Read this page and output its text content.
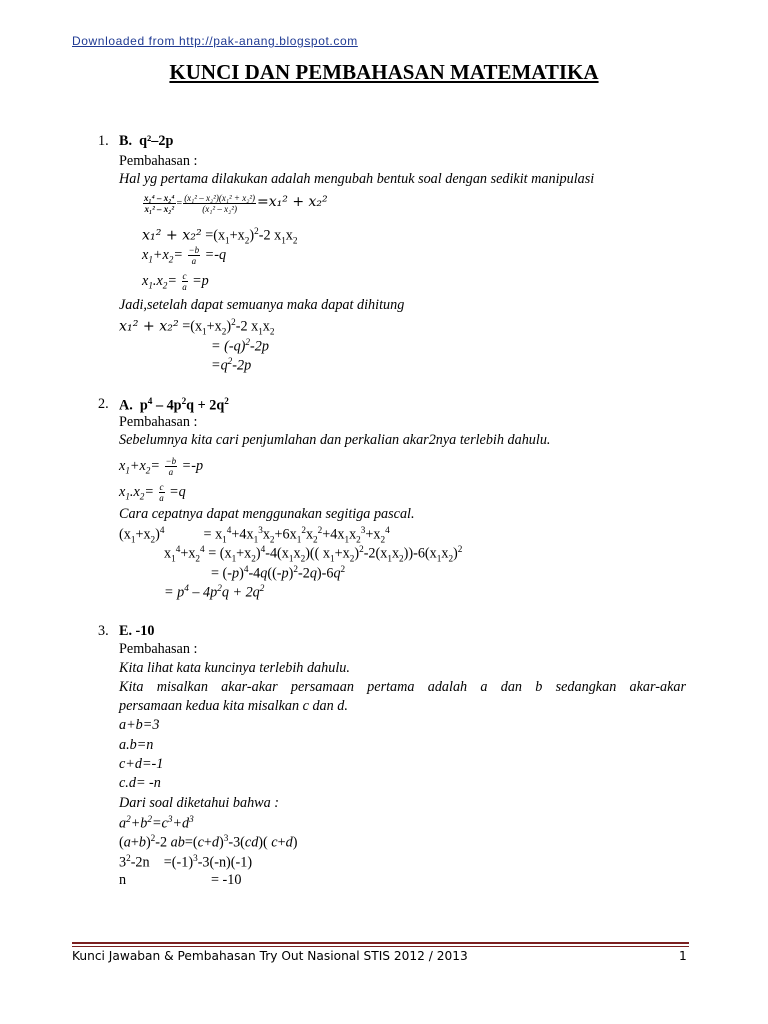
Downloaded from http://pak-anang.blogspot.com
KUNCI DAN PEMBAHASAN MATEMATIKA
1. B. q²–2p
Pembahasan :
Hal yg pertama dilakukan adalah mengubah bentuk soal dengan sedikit manipulasi
$\frac{\text{x₁⁴ – x₂⁴}}{\text{x₁² – x₂²}} = \frac{\text{(x₁² – x₂²)(x₁² + x₂²)}}{\text{(x₁² – x₂²)}} =x_1^2 + x_2^2$
$x_1^2 + x_2^2 =(x_1+x_2)^2-2$ $x_1x_2$
$x_1+x_2= \frac{-b}{a} =-q$
$x_1.x_2= \frac{c}{a} =p$
Jadi,setelah dapat semuanya maka dapat dihitung
$x_1^2 + x_2^2 =(x_1+x_2)^2-2$ $x_1x_2$
= $(-q)^2-2p$
$=q^2-2p$
2. A.  $p^4 - 4p^2q + 2q^2$
Pembahasan :
Sebelumnya kita cari penjumlahan dan perkalian akar2nya terlebih dahulu.
$x_1+x_2= \frac{-b}{a} =-p$
$x_1.x_2= \frac{c}{a} =q$
Cara cepatnya dapat menggunakan segitiga pascal.
$(x_1+x_2)^4$           = $x_1^4+4x_1^3x_2+6x_1^2x_2^2+4x_1x_2^3+x_2^4$
$x_1^4+x_2^4 = (x_1+x_2)^4-4(x_1x_2)$(( $x_1+x_2)^2-2(x_1x_2))-6(x_1x_2)^2$
= $(-p)^4-4q((-p)^2-2q)-6q^2$
= $p^4 - 4p^2q + 2q^2$
3. E. -10
Pembahasan :
Kita lihat kata kuncinya terlebih dahulu.
Kita misalkan akar-akar persamaan pertama adalah a dan b sedangkan akar-akar
persamaan kedua kita misalkan c dan d.
a+b=3
a.b=n
c+d=-1
c.d= -n
Dari soal diketahui bahwa :
$a^2+b^2=c^3+d^3$
$(a+b)^2-2$ $ab=(c+d)^3-3(cd)$( c+d)
$3^2-2n$    $=(-1)^3-3(-n)(-1)$
n	= -10
Kunci Jawaban & Pembahasan Try Out Nasional STIS 2012 / 2013	1
